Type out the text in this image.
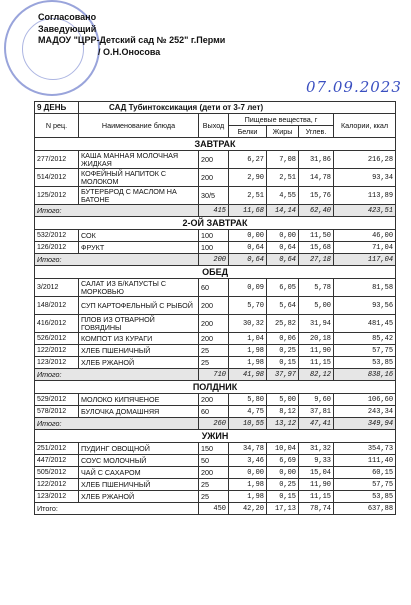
Согласовано
Заведующий
МАДОУ "ЦРР-Детский сад № 252" г.Перми
/ О.Н.Оносова
07.09.2023
9 ДЕНЬ	САД Тубинтоксикация (дети от 3-7 лет)					
N рец.	Наименование блюда	Выход	Пищевые вещества, г			Калории, ккал
			Белки	Жиры	Углев.	
ЗАВТРАК						
277/2012	КАША МАННАЯ МОЛОЧНАЯ ЖИДКАЯ	200	6,27	7,08	31,86	216,28
514/2012	КОФЕЙНЫЙ НАПИТОК С МОЛОКОМ	200	2,90	2,51	14,78	93,34
125/2012	БУТЕРБРОД С МАСЛОМ НА БАТОНЕ	30/5	2,51	4,55	15,76	113,89
Итого:		415	11,68	14,14	62,40	423,51
2-ОЙ ЗАВТРАК						
532/2012	СОК	100	0,00	0,00	11,50	46,00
126/2012	ФРУКТ	100	0,64	0,64	15,68	71,04
Итого:		200	0,64	0,64	27,18	117,04
ОБЕД						
3/2012	САЛАТ ИЗ Б/КАПУСТЫ С МОРКОВЬЮ	60	0,09	6,05	5,78	81,58
148/2012	СУП КАРТОФЕЛЬНЫЙ С РЫБОЙ	200	5,70	5,64	5,00	93,56
416/2012	ПЛОВ ИЗ ОТВАРНОЙ ГОВЯДИНЫ	200	30,32	25,82	31,94	481,45
526/2012	КОМПОТ ИЗ КУРАГИ	200	1,04	0,06	20,18	85,42
122/2012	ХЛЕБ ПШЕНИЧНЫЙ	25	1,98	0,25	11,90	57,75
123/2012	ХЛЕБ РЖАНОЙ	25	1,98	0,15	11,15	53,85
Итого:		710	41,98	37,97	82,12	838,16
ПОЛДНИК						
529/2012	МОЛОКО КИПЯЧЕНОЕ	200	5,80	5,00	9,60	106,60
578/2012	БУЛОЧКА ДОМАШНЯЯ	60	4,75	8,12	37,81	243,34
Итого:		260	10,55	13,12	47,41	349,94
УЖИН						
251/2012	ПУДИНГ ОВОЩНОЙ	150	34,78	10,04	31,32	354,73
447/2012	СОУС МОЛОЧНЫЙ	50	3,46	6,69	9,33	111,40
505/2012	ЧАЙ С САХАРОМ	200	0,00	0,00	15,04	60,15
122/2012	ХЛЕБ ПШЕНИЧНЫЙ	25	1,98	0,25	11,90	57,75
123/2012	ХЛЕБ РЖАНОЙ	25	1,98	0,15	11,15	53,85
Итого:		450	42,20	17,13	78,74	637,88
